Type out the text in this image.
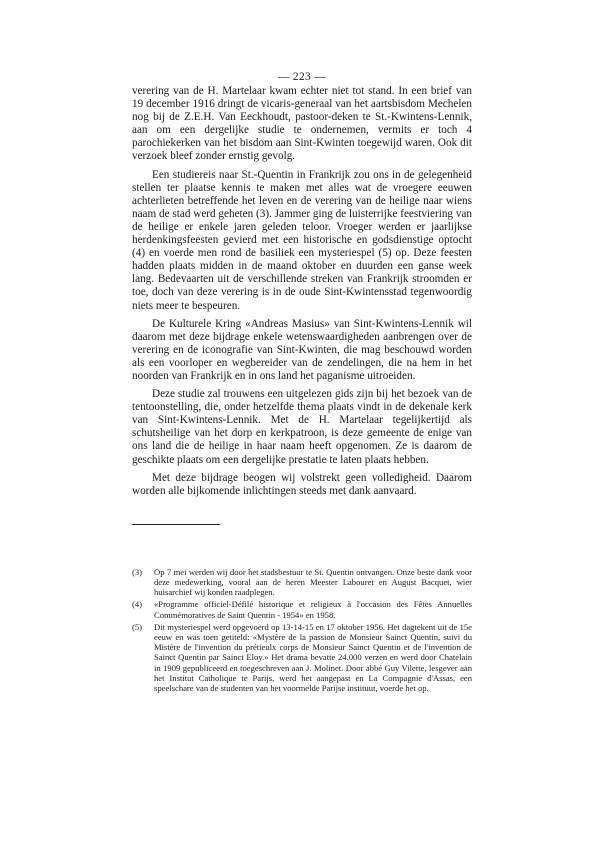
— 223 —

verering van de H. Martelaar kwam echter niet tot stand. In een brief van 19 december 1916 dringt de vicaris-generaal van het aartsbisdom Mechelen nog bij de Z.E.H. Van Eeckhoudt, pastoor-deken te St.-Kwintens-Lennik, aan om een dergelijke studie te ondernemen, vermits er toch 4 parochiekerken van het bisdom aan Sint-Kwinten toegewijd waren. Ook dit verzoek bleef zonder ernstig gevolg.

Een studiereis naar St.-Quentin in Frankrijk zou ons in de gelegenheid stellen ter plaatse kennis te maken met alles wat de vroegere eeuwen achterlieten betreffende het leven en de verering van de heilige naar wiens naam de stad werd geheten (3). Jammer ging de luisterrijke feestviering van de heilige er enkele jaren geleden teloor. Vroeger werden er jaarlijkse herdenkingsfeesten gevierd met een historische en godsdienstige optocht (4) en voerde men rond de basiliek een mysteriespel (5) op. Deze feesten hadden plaats midden in de maand oktober en duurden een ganse week lang. Bedevaarten uit de verschillende streken van Frankrijk stroomden er toe, doch van deze verering is in de oude Sint-Kwintensstad tegenwoordig niets meer te bespeuren.

De Kulturele Kring «Andreas Masius» van Sint-Kwintens-Lennik wil daarom met deze bijdrage enkele wetenswaardigheden aanbrengen over de verering en de iconografie van Sint-Kwinten, die mag beschouwd worden als een voorloper en wegbereider van de zendelingen, die na hem in het noorden van Frankrijk en in ons land het paganisme uitroeiden.

Deze studie zal trouwens een uitgelezen gids zijn bij het bezoek van de tentoonstelling, die, onder hetzelfde thema plaats vindt in de dekenale kerk van Sint-Kwintens-Lennik. Met de H. Martelaar tegelijkertijd als schutsheilige van het dorp en kerkpatroon, is deze gemeente de enige van ons land die de heilige in haar naam heeft opgenomen. Ze is daarom de geschikte plaats om een dergelijke prestatie te laten plaats hebben.

Met deze bijdrage beogen wij volstrekt geen volledigheid. Daarom worden alle bijkomende inlichtingen steeds met dank aanvaard.

(3)	Op 7 mei werden wij door het stadsbestuur te St. Quentin ontvangen. Onze beste dank voor deze medewerking, vooral aan de heren Meester Labouret en August Bacquet, wier huisarchief wij konden raadplegen.
(4)	«Programme officiel-Défilé historique et religieux à l'occasion des Fêtes Annuelles Commémoratives de Saint Quentin - 1954» en 1958.
(5)	Dit mysteriespel werd opgevoerd op 13-14-15 en 17 oktober 1956. Het dagtekent uit de 15e eeuw en was toen getiteld: «Mystère de la passion de Monsieur Sainct Quentin, suivi du Mistère de l'invention du prétieulx corps de Monsieur Sainct Quentin et de l'invention de Sainct Quentin par Sainct Eloy.» Het drama bevatte 24.000 verzen en werd door Chatelain in 1909 gepubliceerd en toegeschreven aan J. Molinet. Door abbé Guy Vilette, lesgever aan het Institut Catholique te Parijs, werd het aangepast en La Compagnie d'Assas, een speelschare van de studenten van het voormelde Parijse instituut, voerde het op.
